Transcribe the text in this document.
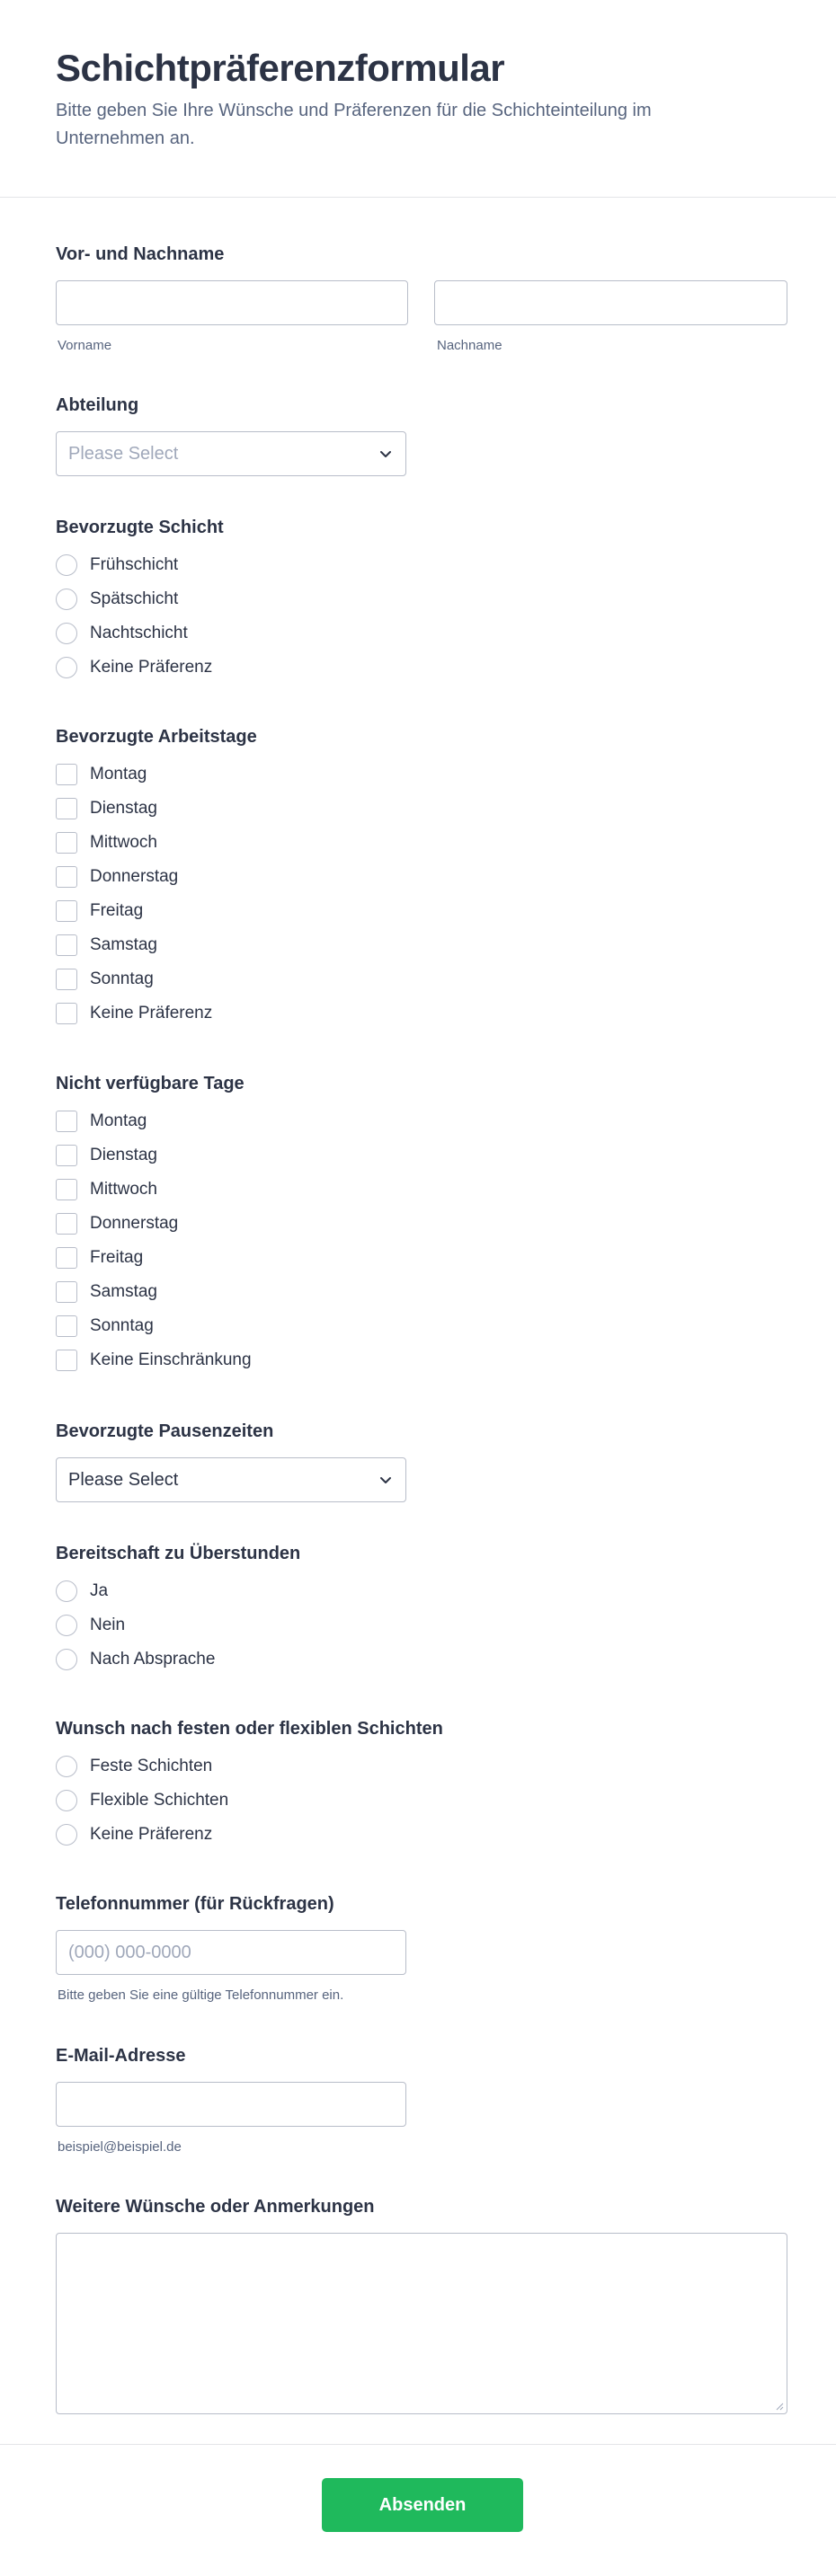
Schichtpräferenzformular

Bitte geben Sie Ihre Wünsche und Präferenzen für die Schichteinteilung im Unternehmen an.

Vor- und Nachname
Vorname	Nachname
Abteilung
Please Select
Bevorzugte Schicht
Frühschicht
Spätschicht
Nachtschicht
Keine Präferenz
Bevorzugte Arbeitstage
Montag
Dienstag
Mittwoch
Donnerstag
Freitag
Samstag
Sonntag
Keine Präferenz
Nicht verfügbare Tage
Montag
Dienstag
Mittwoch
Donnerstag
Freitag
Samstag
Sonntag
Keine Einschränkung
Bevorzugte Pausenzeiten
Please Select
Bereitschaft zu Überstunden
Ja
Nein
Nach Absprache
Wunsch nach festen oder flexiblen Schichten
Feste Schichten
Flexible Schichten
Keine Präferenz
Telefonnummer (für Rückfragen)
(000) 000-0000
Bitte geben Sie eine gültige Telefonnummer ein.
E-Mail-Adresse
beispiel@beispiel.de
Weitere Wünsche oder Anmerkungen
Absenden
